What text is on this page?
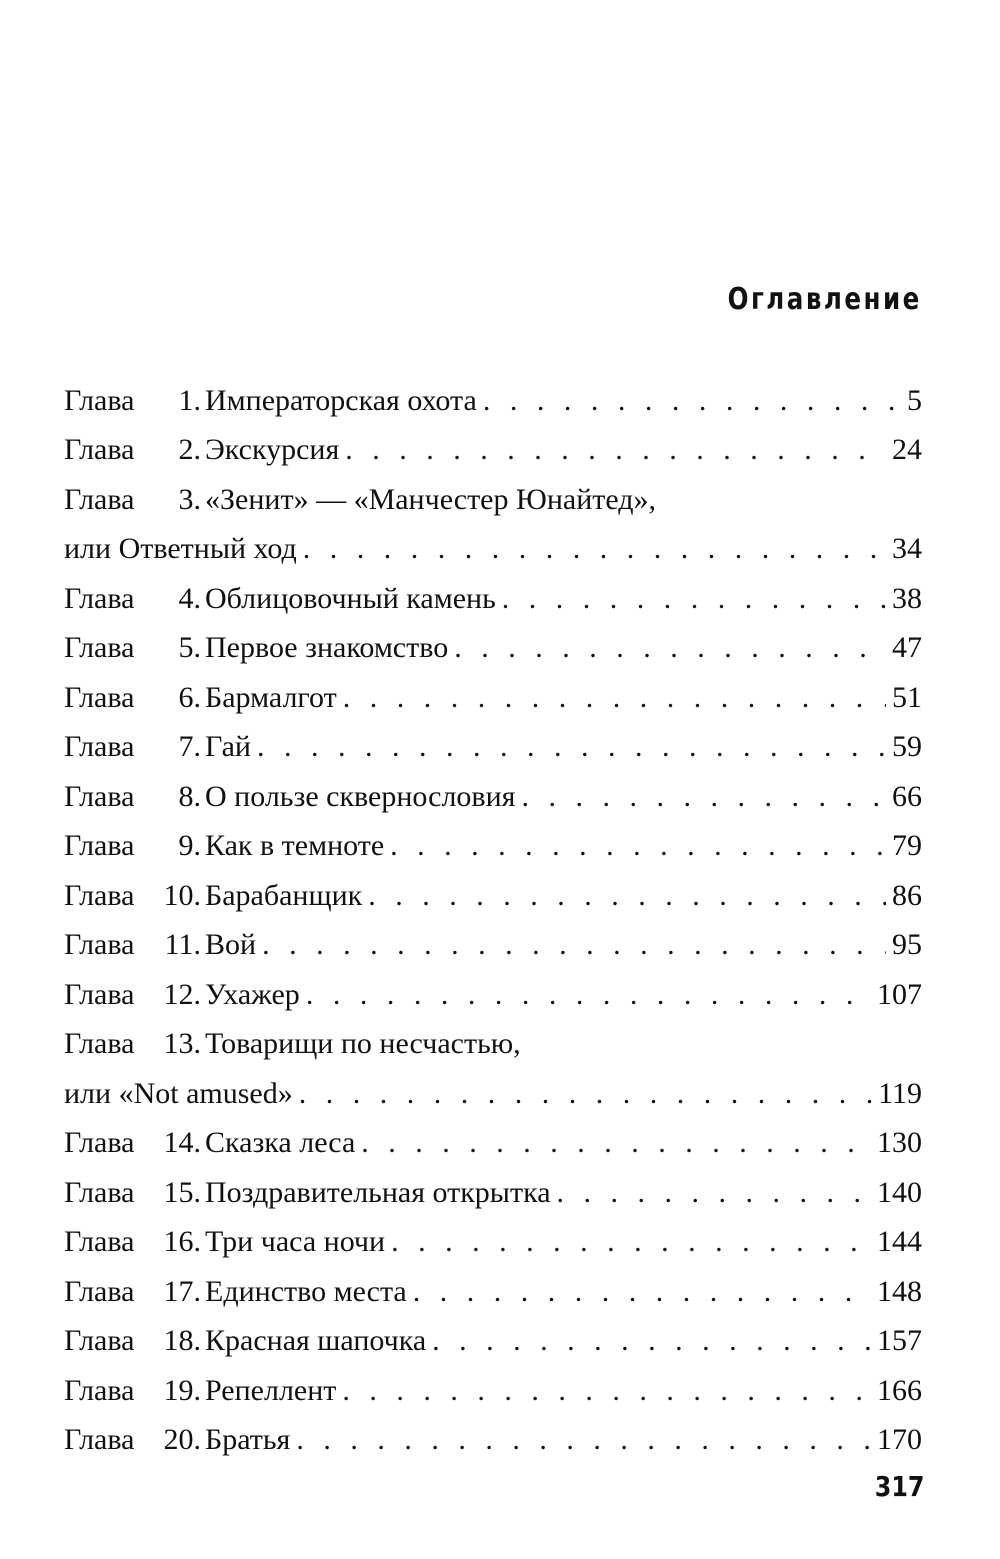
Оглавление
Глава	1. Императорская охота . . .	5
Глава	2. Экскурсия . . .	24
Глава	3. «Зенит» — «Манчестер Юнайтед»,
или Ответный ход . . .	34
Глава	4. Облицовочный камень . . .	38
Глава	5. Первое знакомство . . .	47
Глава	6. Бармалгот . . .	51
Глава	7. Гай . . .	59
Глава	8. О пользе сквернословия . . .	66
Глава	9. Как в темноте . . .	79
Глава 10. Барабанщик . . .	86
Глава	11. Вой . . .	95
Глава 12. Ухажер . . .	107
Глава 13. Товарищи по несчастью,
или «Not amused» . . .	119
Глава 14. Сказка леса . . .	130
Глава 15. Поздравительная открытка . . .	140
Глава 16. Три часа ночи . . .	144
Глава 17. Единство места . . .	148
Глава 18. Красная шапочка . . .	157
Глава 19. Репеллент . . .	166
Глава 20. Братья . . .	170
317
